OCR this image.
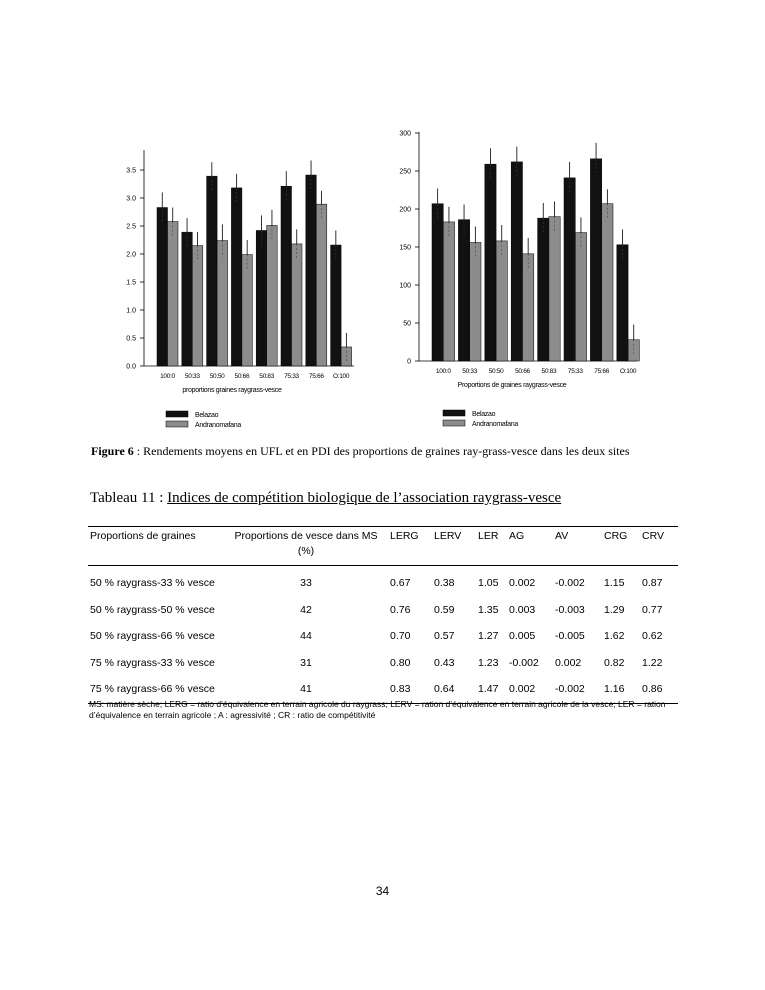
0.0
0.5
1.0
1.5
2.0
2.5
3.0
3.5
100:0 50:33 50:50 50:66 50:83 75:33 75:66 O:100
proportions graines raygrass-vesce
Belazao
Andranomafana
0
50
100
150
200
250
300
100:0 50:33 50:50 50:66 50:83 75:33 75:66 O:100
Proportions de graines raygrass-vesce
Belazao
Andranomafana
Figure 6 : Rendements moyens en UFL et en PDI des proportions de graines ray-grass-vesce dans les deux sites
Tableau 11 : Indices de compétition biologique de l’association raygrass-vesce
Proportions de graines	Proportions de vesce dans MS (%)	LERG	LERV	LER	AG	AV	CRG	CRV
50 % raygrass-33 % vesce	33	0.67	0.38	1.05	0.002	-0.002	1.15	0.87
50 % raygrass-50 % vesce	42	0.76	0.59	1.35	0.003	-0.003	1.29	0.77
50 % raygrass-66 % vesce	44	0.70	0.57	1.27	0.005	-0.005	1.62	0.62
75 % raygrass-33 % vesce	31	0.80	0.43	1.23	-0.002	0.002	0.82	1.22
75 % raygrass-66 % vesce	41	0.83	0.64	1.47	0.002	-0.002	1.16	0.86
MS: matière sèche; LERG = ratio d’équivalence en terrain agricole du raygrass; LERV = ration d’équivalence en terrain agricole de la vesce; LER = ration d’équivalence en terrain agricole ; A : agressivité ; CR : ratio de compétitivité
34
